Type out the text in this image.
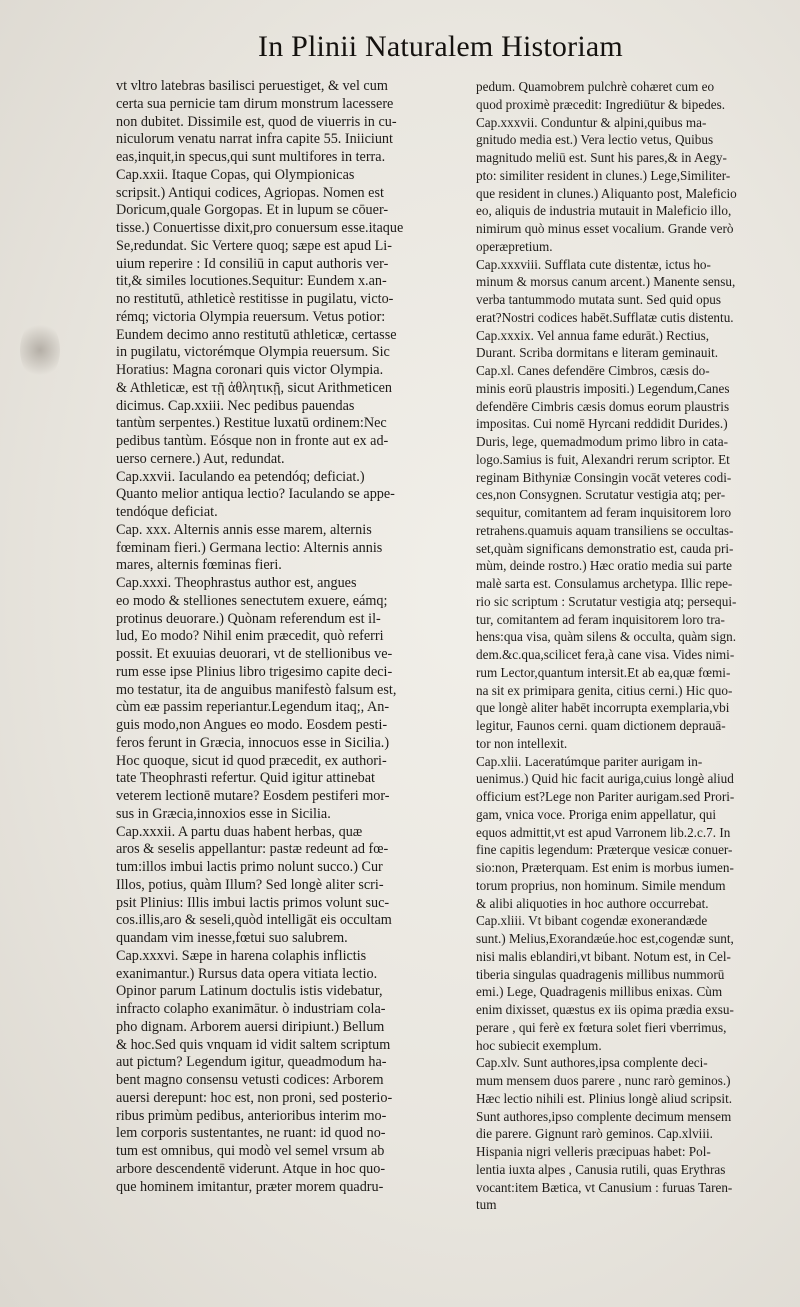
In Plinii Naturalem Historiam
vt vltro latebras basilisci peruestiget, & vel cum
certa sua pernicie tam dirum monstrum lacessere
non dubitet. Dissimile est, quod de viuerris in cu-
niculorum venatu narrat infra capite 55. Iniiciunt
eas,inquit,in specus,qui sunt multifores in terra.
Cap.xxii. Itaque Copas, qui Olympionicas
scripsit.) Antiqui codices, Agriopas. Nomen est
Doricum,quale Gorgopas. Et in lupum se cōuer-
tisse.) Conuertisse dixit,pro conuersum esse.itaque
Se,redundat. Sic Vertere quoq; sæpe est apud Li-
uium reperire : Id consiliū in caput authoris ver-
tit,& similes locutiones.Sequitur: Eundem x.an-
no restitutū, athleticè restitisse in pugilatu, victo-
rémq; victoria Olympia reuersum. Vetus potior:
Eundem decimo anno restitutū athleticæ, certasse
in pugilatu, victorémque Olympia reuersum. Sic
Horatius: Magna coronari quis victor Olympia.
& Athleticæ, est τῇ ἀθλητικῇ, sicut Arithmeticen
dicimus. Cap.xxiii. Nec pedibus pauendas
tantùm serpentes.) Restitue luxatū ordinem:Nec
pedibus tantùm. Eósque non in fronte aut ex ad-
uerso cernere.) Aut, redundat.
Cap.xxvii. Iaculando ea petendóq; deficiat.)
Quanto melior antiqua lectio? Iaculando se appe-
tendóque deficiat.
Cap. xxx. Alternis annis esse marem, alternis
fœminam fieri.) Germana lectio: Alternis annis
mares, alternis fœminas fieri.
Cap.xxxi. Theophrastus author est, angues
eo modo & stelliones senectutem exuere, eámq;
protinus deuorare.) Quònam referendum est il-
lud, Eo modo? Nihil enim præcedit, quò referri
possit. Et exuuias deuorari, vt de stellionibus ve-
rum esse ipse Plinius libro trigesimo capite deci-
mo testatur, ita de anguibus manifestò falsum est,
cùm eæ passim reperiantur.Legendum itaq;, An-
guis modo,non Angues eo modo. Eosdem pesti-
feros ferunt in Græcia, innocuos esse in Sicilia.)
Hoc quoque, sicut id quod præcedit, ex authori-
tate Theophrasti refertur. Quid igitur attinebat
veterem lectionē mutare? Eosdem pestiferi mor-
sus in Græcia,innoxios esse in Sicilia.
Cap.xxxii. A partu duas habent herbas, quæ
aros & seselis appellantur: pastæ redeunt ad fœ-
tum:illos imbui lactis primo nolunt succo.) Cur
Illos, potius, quàm Illum? Sed longè aliter scri-
psit Plinius: Illis imbui lactis primos volunt suc-
cos.illis,aro & seseli,quòd intelligāt eis occultam
quandam vim inesse,fœtui suo salubrem.
Cap.xxxvi. Sæpe in harena colaphis inflictis
exanimantur.) Rursus data opera vitiata lectio.
Opinor parum Latinum doctulis istis videbatur,
infracto colapho exanimātur. ò industriam cola-
pho dignam. Arborem auersi diripiunt.) Bellum
& hoc.Sed quis vnquam id vidit saltem scriptum
aut pictum? Legendum igitur, queadmodum ha-
bent magno consensu vetusti codices: Arborem
auersi derepunt: hoc est, non proni, sed posterio-
ribus primùm pedibus, anterioribus interim mo-
lem corporis sustentantes, ne ruant: id quod no-
tum est omnibus, qui modò vel semel vrsum ab
arbore descendentē viderunt. Atque in hoc quo-
que hominem imitantur, præter morem quadru-
pedum. Quamobrem pulchrè cohæret cum eo
quod proximè præcedit: Ingrediūtur & bipedes.
Cap.xxxvii. Conduntur & alpini,quibus ma-
gnitudo media est.) Vera lectio vetus, Quibus
magnitudo meliū est. Sunt his pares,& in Aegy-
pto: similiter resident in clunes.) Lege,Similiter-
que resident in clunes.) Aliquanto post, Maleficio
eo, aliquis de industria mutauit in Maleficio illo,
nimirum quò minus esset vocalium. Grande verò
operæpretium.
Cap.xxxviii. Sufflata cute distentæ, ictus ho-
minum & morsus canum arcent.) Manente sensu,
verba tantummodo mutata sunt. Sed quid opus
erat?Nostri codices habēt.Sufflatæ cutis distentu.
Cap.xxxix. Vel annua fame edurāt.) Rectius,
Durant. Scriba dormitans e literam geminauit.
Cap.xl. Canes defendēre Cimbros, cæsis do-
minis eorū plaustris impositi.) Legendum,Canes
defendēre Cimbris cæsis domus eorum plaustris
impositas. Cui nomē Hyrcani reddidit Durides.)
Duris, lege, quemadmodum primo libro in cata-
logo.Samius is fuit, Alexandri rerum scriptor. Et
reginam Bithyniæ Consingin vocāt veteres codi-
ces,non Consygnen. Scrutatur vestigia atq; per-
sequitur, comitantem ad feram inquisitorem loro
retrahens.quamuis aquam transiliens se occultas-
set,quàm significans demonstratio est, cauda pri-
mùm, deinde rostro.) Hæc oratio media sui parte
malè sarta est. Consulamus archetypa. Illic repe-
rio sic scriptum : Scrutatur vestigia atq; persequi-
tur, comitantem ad feram inquisitorem loro tra-
hens:qua visa, quàm silens & occulta, quàm sign.
dem.&c.qua,scilicet fera,à cane visa. Vides nimi-
rum Lector,quantum intersit.Et ab ea,quæ fœmi-
na sit ex primipara genita, citius cerni.) Hic quo-
que longè aliter habēt incorrupta exemplaria,vbi
legitur, Faunos cerni. quam dictionem deprauā-
tor non intellexit.
Cap.xlii. Laceratúmque pariter aurigam in-
uenimus.) Quid hic facit auriga,cuius longè aliud
officium est?Lege non Pariter aurigam.sed Prori-
gam, vnica voce. Proriga enim appellatur, qui
equos admittit,vt est apud Varronem lib.2.c.7. In
fine capitis legendum: Præterque vesicæ conuer-
sio:non, Præterquam. Est enim is morbus iumen-
torum proprius, non hominum. Simile mendum
& alibi aliquoties in hoc authore occurrebat.
Cap.xliii. Vt bibant cogendæ exonerandæde
sunt.) Melius,Exorandæúe.hoc est,cogendæ sunt,
nisi malis eblandiri,vt bibant. Notum est, in Cel-
tiberia singulas quadragenis millibus nummorū
emi.) Lege, Quadragenis millibus enixas. Cùm
enim dixisset, quæstus ex iis opima prædia exsu-
perare , qui ferè ex fœtura solet fieri vberrimus,
hoc subiecit exemplum.
Cap.xlv. Sunt authores,ipsa complente deci-
mum mensem duos parere , nunc rarò geminos.)
Hæc lectio nihili est. Plinius longè aliud scripsit.
Sunt authores,ipso complente decimum mensem
die parere. Gignunt rarò geminos. Cap.xlviii.
Hispania nigri velleris præcipuas habet: Pol-
lentia iuxta alpes , Canusia rutili, quas Erythras
vocant:item Bætica, vt Canusium : furuas Taren-
tum
